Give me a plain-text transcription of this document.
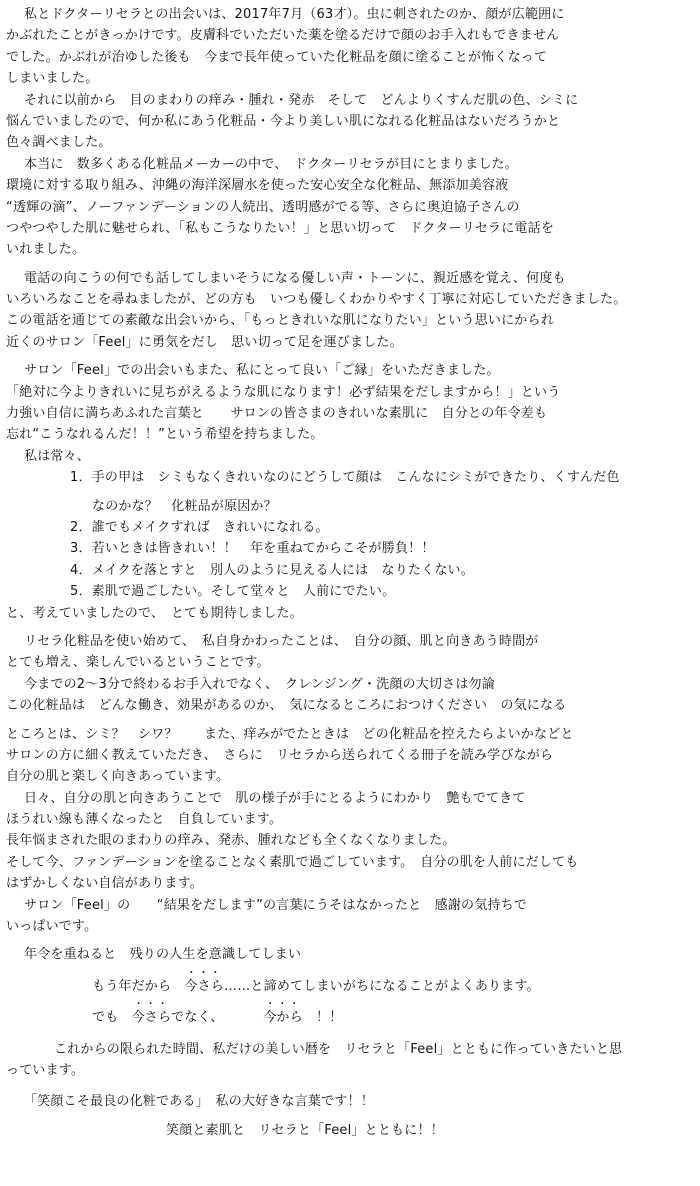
私とドクターリセラとの出会いは、2017年7月（63才）。虫に刺されたのか、顔が広範囲に
かぶれたことがきっかけです。皮膚科でいただいた薬を塗るだけで顔のお手入れもできません
でした。かぶれが治ゆした後も　今まで長年使っていた化粧品を顔に塗ることが怖くなって
しまいました。
それに以前から　目のまわりの痒み・腫れ・発赤　そして　どんよりくすんだ肌の色、シミに
悩んでいましたので、何か私にあう化粧品・今より美しい肌になれる化粧品はないだろうかと
色々調べました。
本当に　数多くある化粧品メーカーの中で、　ドクターリセラが目にとまりました。
環境に対する取り組み、沖縄の海洋深層水を使った安心安全な化粧品、無添加美容液
“透輝の滴”、ノーファンデーションの人続出、透明感がでる等、さらに奥迫協子さんの
つやつやした肌に魅せられ、「私もこうなりたい！」と思い切って　ドクターリセラに電話を
いれました。
電話の向こうの何でも話してしまいそうになる優しい声・トーンに、親近感を覚え、何度も
いろいろなことを尋ねましたが、どの方も　いつも優しくわかりやすく丁寧に対応していただきました。
この電話を通じての素敵な出会いから、「もっときれいな肌になりたい」という思いにかられ
近くのサロン「Feel」に勇気をだし　思い切って足を運びました。
サロン「Feel」での出会いもまた、私にとって良い「ご縁」をいただきました。
「絶対に今よりきれいに見ちがえるような肌になります！必ず結果をだしますから！」という
力強い自信に満ちあふれた言葉と　　サロンの皆さまのきれいな素肌に　自分との年令差も
忘れ“こうなれるんだ！！”という希望を持ちました。
私は常々、
1．手の甲は　シミもなくきれいなのにどうして顔は　こんなにシミができたり、くすんだ色
なのかな？　化粧品が原因か？
2．誰でもメイクすれば　きれいになれる。
3．若いときは皆きれい！！　年を重ねてからこそが勝負！！
4．メイクを落とすと　別人のように見える人には　なりたくない。
5．素肌で過ごしたい。そして堂々と　人前にでたい。
と、考えていましたので、　とても期待しました。
リセラ化粧品を使い始めて、　私自身かわったことは、　自分の顔、肌と向きあう時間が
とても増え、楽しんでいるということです。
今までの2〜3分で終わるお手入れでなく、　クレンジング・洗顔の大切さは勿論
この化粧品は　どんな働き、効果があるのか、　気になるところにおつけください　の気になる
ところとは、シミ？　シワ？　　また、痒みがでたときは　どの化粧品を控えたらよいかなどと
サロンの方に細く教えていただき、　さらに　リセラから送られてくる冊子を読み学びながら
自分の肌と楽しく向きあっています。
日々、自分の肌と向きあうことで　肌の様子が手にとるようにわかり　艶もでてきて
ほうれい線も薄くなったと　自負しています。
長年悩まされた眼のまわりの痒み、発赤、腫れなども全くなくなりました。
そして今、ファンデーションを塗ることなく素肌で過ごしています。　自分の肌を人前にだしても
はずかしくない自信があります。
サロン「Feel」の　　“結果をだします”の言葉にうそはなかったと　感謝の気持ちで
いっぱいです。
年令を重ねると　残りの人生を意識してしまい
もう年だから　 ・・・ 今さら……と諦めてしまいがちになることがよくあります。
でも　 ・・・ 今さらでなく、　　　	・・・ 今から　 ！！
これからの限られた時間、私だけの美しい暦を　リセラと「Feel」とともに作っていきたいと思
っています。
「笑顔こそ最良の化粧である」　私の大好きな言葉です！！
笑顔と素肌と　リセラと「Feel」とともに！！
